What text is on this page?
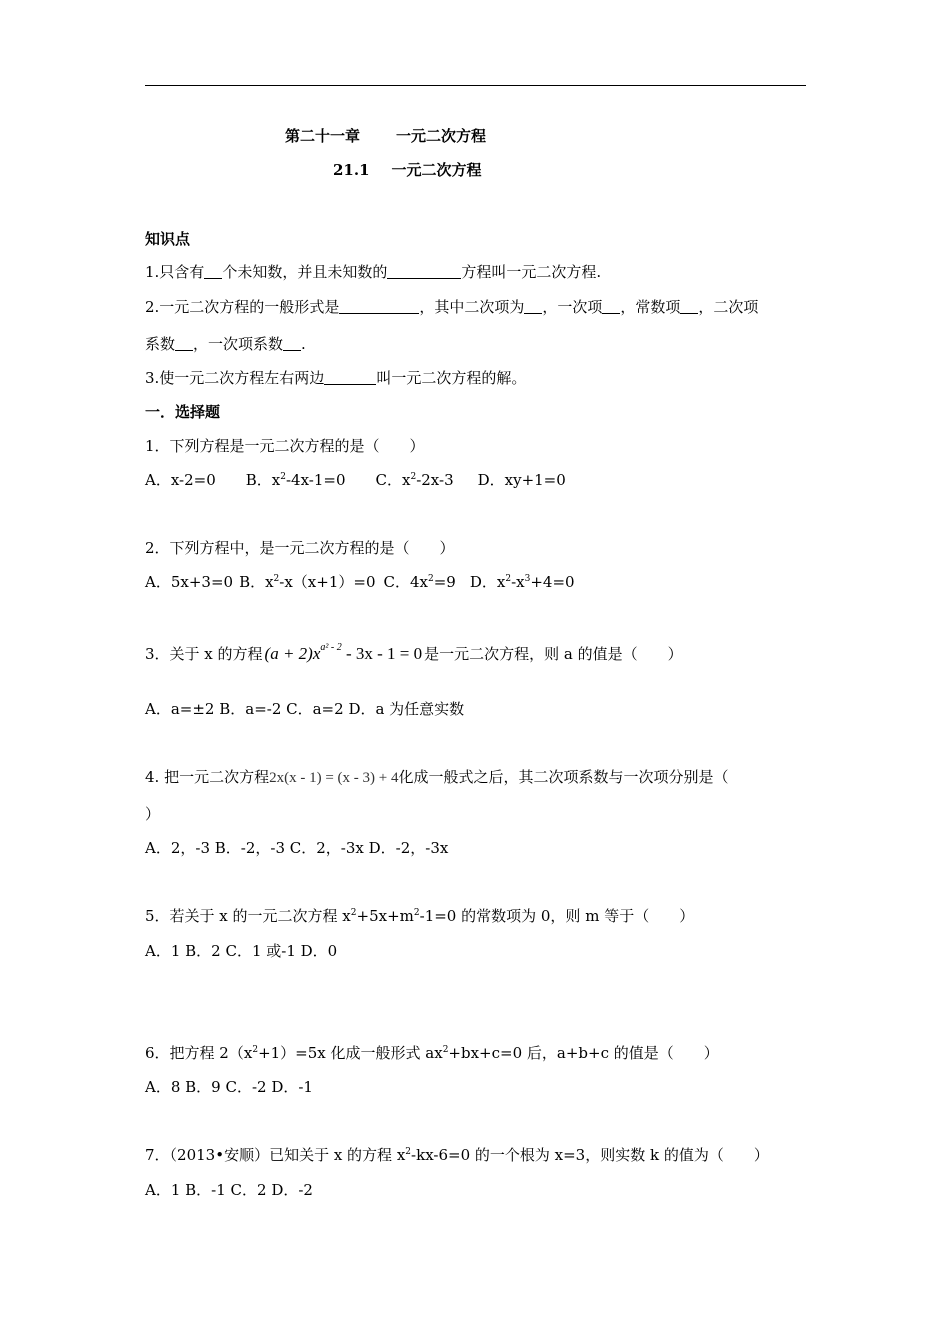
第二十一章 一元二次方程
21.1 一元二次方程
知识点
1.只含有 个未知数，并且未知数的	方程叫一元二次方程.
2.一元二次方程的一般形式是	，其中二次项为 ，一次项 ，常数项 ，二次项
系数 ，一次项系数 .
3.使一元二次方程左右两边	叫一元二次方程的解。
一．选择题
1．下列方程是一元二次方程的是（　　）
A．x-2=0 B．$x^2-4x-1=0$ C．$x^2-2x-3$ D．xy+1=0
2．下列方程中，是一元二次方程的是（　　）
A．5x+3=0 B．$x^2-x(x+1)=0$ C．$4x^2=9$ D．$x^2-x^3+4=0$
3．关于 x 的方程 $(a + 2)x^{a^2 - 2} - 3x - 1 = 0$ 是一元二次方程，则 a 的值是（　　）
A．a=±2 B．a=-2 C．a=2 D．a 为任意实数
4. 把一元二次方程2x(x - 1) = (x - 3) + 4化成一般式之后，其二次项系数与一次项分别是（
）
A．2，-3 B．-2，-3 C．2，-3x D．-2，-3x
5．若关于 x 的一元二次方程 $x^2+5x+m^2-1=0$ 的常数项为 0，则 m 等于（　　）
A．1 B．2 C．1 或-1 D．0
6．把方程 $2(x^2+1)=5x$ 化成一般形式 $ax^2+bx+c=0$ 后，a+b+c 的值是（　　）
A．8 B．9 C．-2 D．-1
7．（2013•安顺）已知关于 x 的方程 $x^2-kx-6=0$ 的一个根为 x=3，则实数 k 的值为（　　）
A．1 B．-1 C．2 D．-2
